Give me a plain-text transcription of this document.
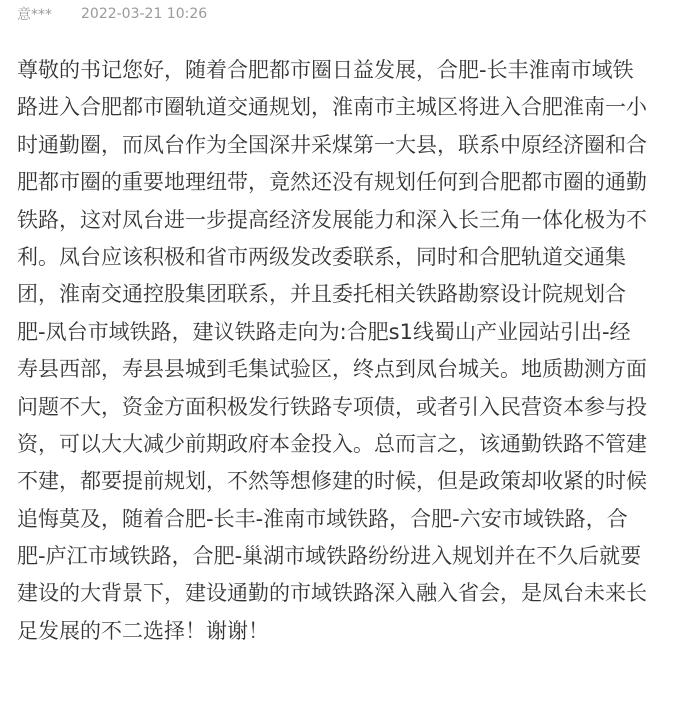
意*** 2022-03-21 10:26
尊敬的书记您好，随着合肥都市圈日益发展，合肥-长丰淮南市域铁
路进入合肥都市圈轨道交通规划，淮南市主城区将进入合肥淮南一小
时通勤圈，而凤台作为全国深井采煤第一大县，联系中原经济圈和合
肥都市圈的重要地理纽带，竟然还没有规划任何到合肥都市圈的通勤
铁路，这对凤台进一步提高经济发展能力和深入长三角一体化极为不
利。凤台应该积极和省市两级发改委联系，同时和合肥轨道交通集
团，淮南交通控股集团联系，并且委托相关铁路勘察设计院规划合
肥-凤台市域铁路，建议铁路走向为:合肥s1线蜀山产业园站引出-经
寿县西部，寿县县城到毛集试验区，终点到凤台城关。地质勘测方面
问题不大，资金方面积极发行铁路专项债，或者引入民营资本参与投
资，可以大大减少前期政府本金投入。总而言之，该通勤铁路不管建
不建，都要提前规划，不然等想修建的时候，但是政策却收紧的时候
追悔莫及，随着合肥-长丰-淮南市域铁路，合肥-六安市域铁路，合
肥-庐江市域铁路，合肥-巢湖市域铁路纷纷进入规划并在不久后就要
建设的大背景下，建设通勤的市域铁路深入融入省会，是凤台未来长
足发展的不二选择！谢谢！
